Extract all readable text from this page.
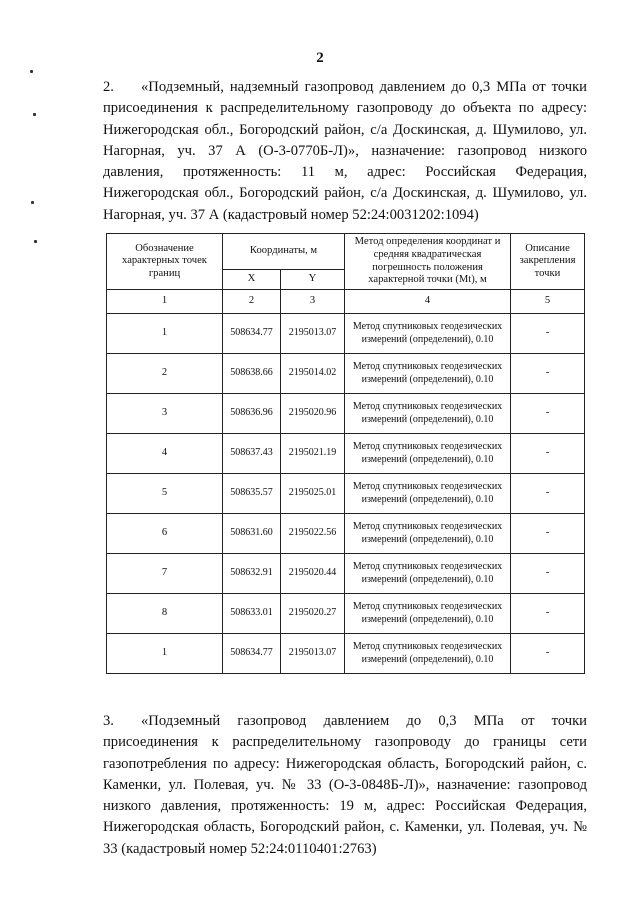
2
2. «Подземный, надземный газопровод давлением до 0,3 МПа от точки присоединения к распределительному газопроводу до объекта по адресу: Нижегородская обл., Богородский район, с/а Доскинская, д. Шумилово, ул. Нагорная, уч. 37 А (О-3-0770Б-Л)», назначение: газопровод низкого давления, протяженность: 11 м, адрес: Российская Федерация, Нижегородская обл., Богородский район, с/а Доскинская, д. Шумилово, ул. Нагорная, уч. 37 А (кадастровый номер 52:24:0031202:1094)
Обозначение характерных точек границ	Координаты, м		Метод определения координат и средняя квадратическая погрешность положения характерной точки (Mt), м	Описание закрепления точки
	X	Y		
1	2	3	4	5
1	508634.77	2195013.07	Метод спутниковых геодезических измерений (определений), 0.10	-
2	508638.66	2195014.02	Метод спутниковых геодезических измерений (определений), 0.10	-
3	508636.96	2195020.96	Метод спутниковых геодезических измерений (определений), 0.10	-
4	508637.43	2195021.19	Метод спутниковых геодезических измерений (определений), 0.10	-
5	508635.57	2195025.01	Метод спутниковых геодезических измерений (определений), 0.10	-
6	508631.60	2195022.56	Метод спутниковых геодезических измерений (определений), 0.10	-
7	508632.91	2195020.44	Метод спутниковых геодезических измерений (определений), 0.10	-
8	508633.01	2195020.27	Метод спутниковых геодезических измерений (определений), 0.10	-
1	508634.77	2195013.07	Метод спутниковых геодезических измерений (определений), 0.10	-
3. «Подземный газопровод давлением до 0,3 МПа от точки присоединения к распределительному газопроводу до границы сети газопотребления по адресу: Нижегородская область, Богородский район, с. Каменки, ул. Полевая, уч. № 33 (О-3-0848Б-Л)», назначение: газопровод низкого давления, протяженность: 19 м, адрес: Российская Федерация, Нижегородская область, Богородский район, с. Каменки, ул. Полевая, уч. № 33 (кадастровый номер 52:24:0110401:2763)
